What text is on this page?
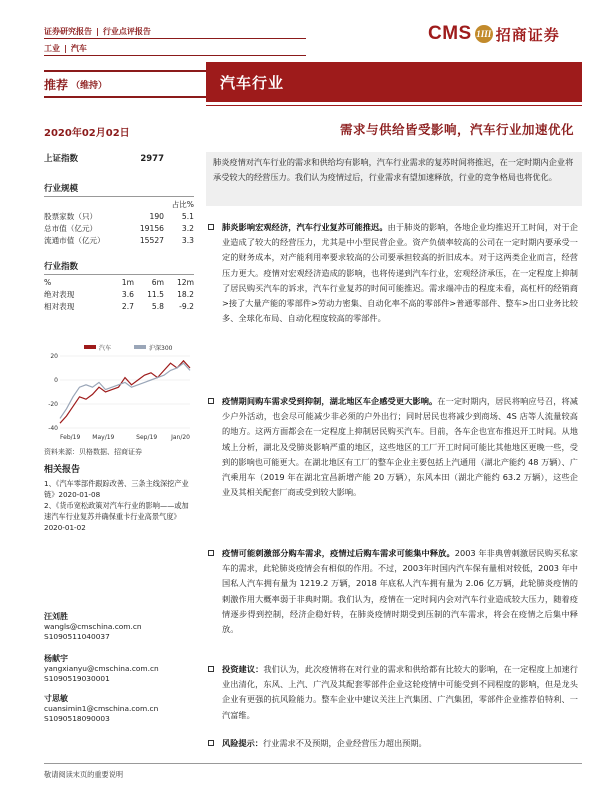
证券研究报告 | 行业点评报告
工业 | 汽车
CMS 1III 招商证券
推荐 （维持）	汽车行业
2020年02月02日	需求与供给皆受影响，汽车行业加速优化
上证指数	2977
行业规模
占比%
股票家数（只）	190	5.1
总市值（亿元）	19156	3.2
流通市值（亿元）	15527	3.3
行业指数
%	1m	6m	12m
绝对表现	3.6	11.5	18.2
相对表现	2.7	5.8	-9.2
汽车	沪深300
20
0
-20
-40
Feb/19 May/19	Sep/19 Jan/20
资料来源：贝格数据、招商证券
相关报告

1、《汽车零部件跟踪改善、三条主线深挖产业链》2020-01-08

2、《货币宽松政策对汽车行业的影响——或加速汽车行业复苏并确保重卡行业高景气度》2020-01-02

汪刘胜
wangls@cmschina.com.cn
S1090511040037
杨献宇
yangxianyu@cmschina.com.cn
S1090519030001
寸思敏
cuansimin1@cmschina.com.cn
S1090518090003
肺炎疫情对汽车行业的需求和供给均有影响，汽车行业需求的复苏时间将推迟，在一定时期内企业将承受较大的经营压力。我们认为疫情过后，行业需求有望加速释放，行业的竞争格局也将优化。
肺炎影响宏观经济，汽车行业复苏可能推迟。由于肺炎的影响，各地企业均推迟开工时间，对于企业造成了较大的经营压力，尤其是中小型民营企业。资产负债率较高的公司在一定时期内要承受一定的财务成本，对产能利用率要求较高的公司要承担较高的折旧成本。对于这两类企业而言，经营压力更大。疫情对宏观经济造成的影响，也将传递到汽车行业，宏观经济承压，在一定程度上抑制了居民购买汽车的诉求，汽车行业复苏的时间可能推迟。需求端冲击的程度未看，高杠杆的经销商>接了大量产能的零部件>劳动力密集、自动化率不高的零部件>普通零部件、整车>出口业务比较多、全球化布局、自动化程度较高的零部件。
疫情期间购车需求受到抑制，湖北地区车企感受更大影响。在一定时期内，居民将响应号召，将减少户外活动，也会尽可能减少非必须的户外出行；同时居民也将减少到商场、4S 店等人流量较高的地方。这两方面都会在一定程度上抑制居民购买汽车。目前，各车企也宣布推迟开工时间。从地域上分析，湖北及受肺炎影响严重的地区，这些地区的工厂开工时间可能比其他地区更晚一些，受到的影响也可能更大。在湖北地区有工厂的整车企业主要包括上汽通用（湖北产能约 48 万辆）、广汽乘用车（2019 年在湖北宜昌新增产能 20 万辆），东风本田（湖北产能约 63.2 万辆），这些企业及其相关配套厂商或受到较大影响。
疫情可能刺激部分购车需求，疫情过后购车需求可能集中释放。2003 年非典曾刺激居民购买私家车的需求，此轮肺炎疫情会有相似的作用。不过，2003年时国内汽车保有量相对较低，2003 年中国私人汽车拥有量为 1219.2 万辆，2018 年底私人汽车拥有量为 2.06 亿万辆，此轮肺炎疫情的刺激作用大概率弱于非典时期。我们认为，疫情在一定时间内会对汽车行业造成较大压力，随着疫情逐步得到控制，经济企稳好转，在肺炎疫情时期受到压制的汽车需求，将会在疫情之后集中释放。
投资建议：我们认为，此次疫情将在对行业的需求和供给都有比较大的影响，在一定程度上加速行业出清化，东风、上汽、广汽及其配套零部件企业这轮疫情中可能受到不同程度的影响，但是龙头企业有更强的抗风险能力。整车企业中建议关注上汽集团、广汽集团，零部件企业推荐伯特利、一汽富维。
风险提示：行业需求不及预期，企业经营压力超出预期。
敬请阅读末页的重要说明
